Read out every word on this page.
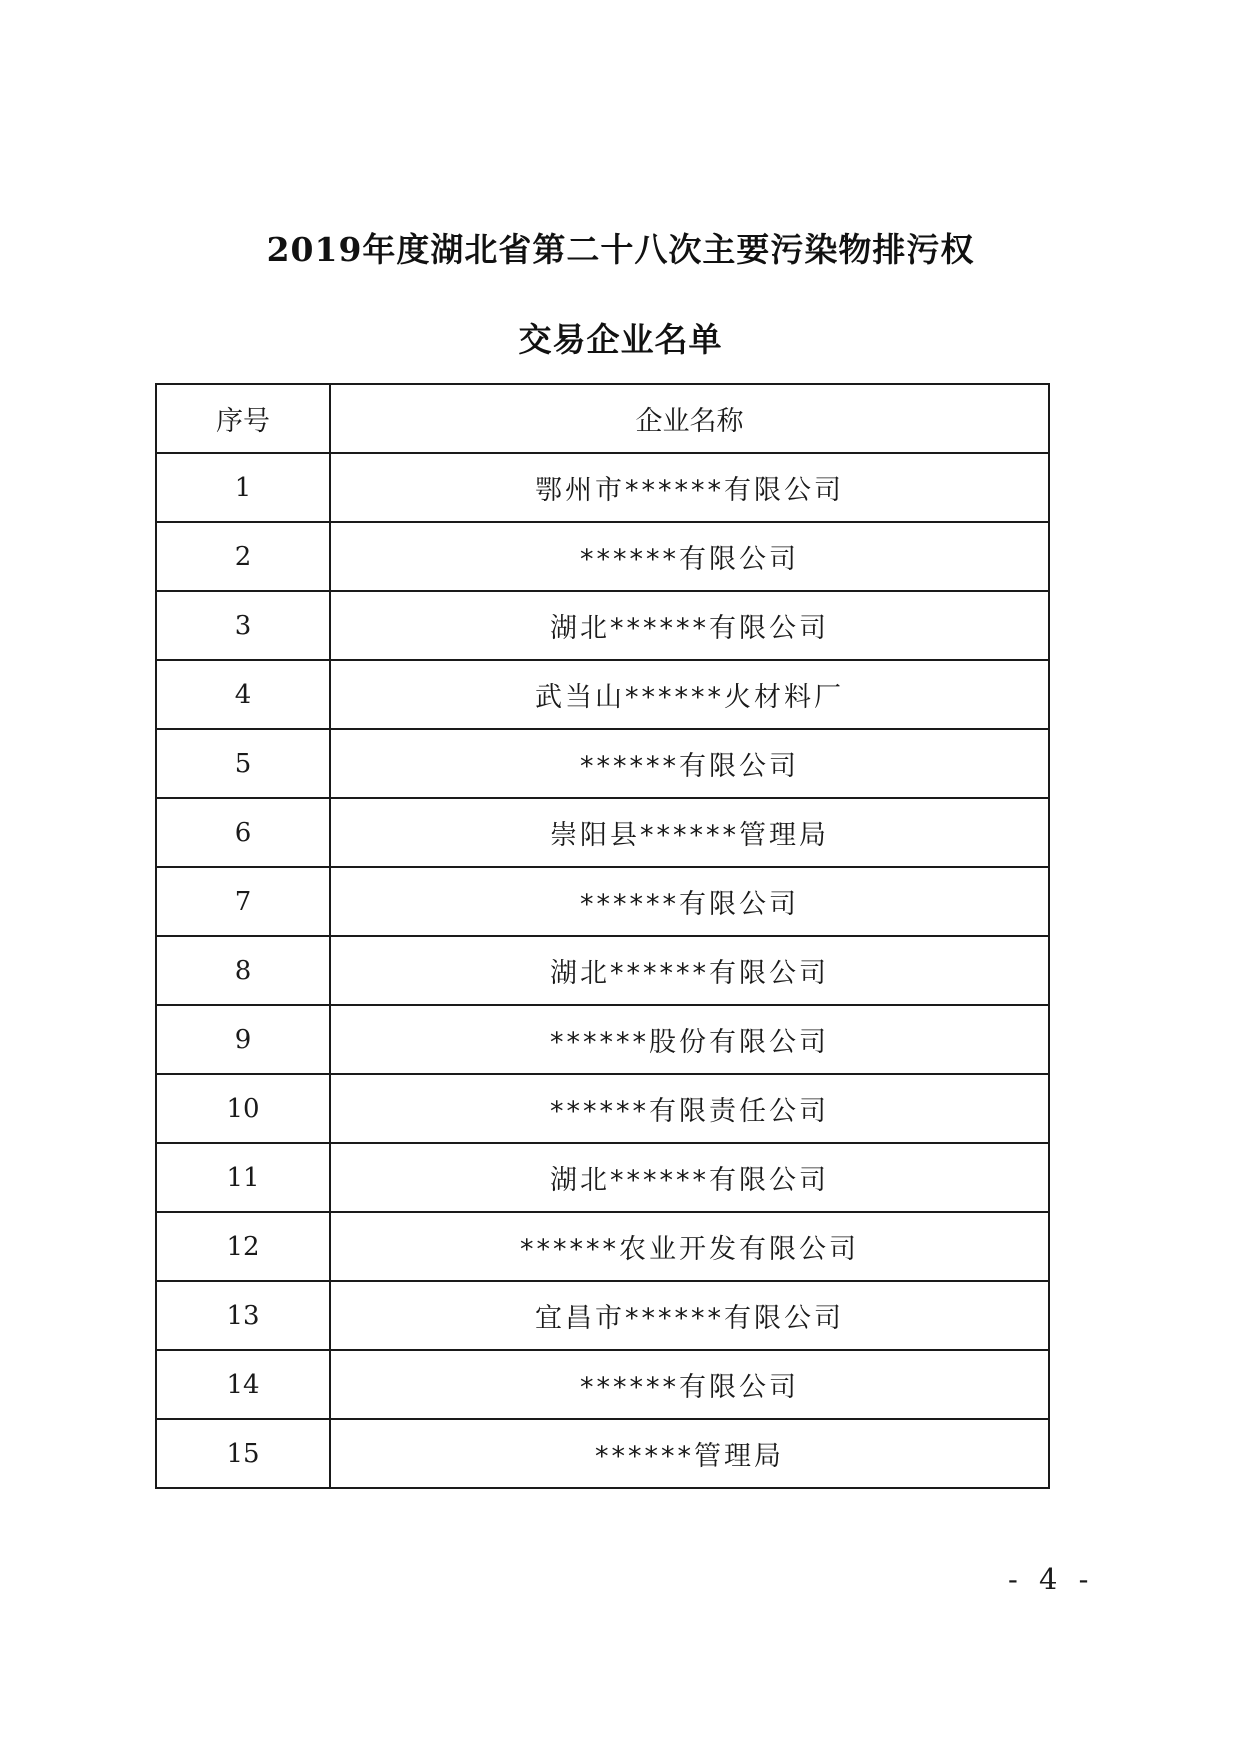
2019年度湖北省第二十八次主要污染物排污权
交易企业名单
序号	企业名称
1	鄂州市******有限公司
2	******有限公司
3	湖北******有限公司
4	武当山******火材料厂
5	******有限公司
6	崇阳县******管理局
7	******有限公司
8	湖北******有限公司
9	******股份有限公司
10	******有限责任公司
11	湖北******有限公司
12	******农业开发有限公司
13	宜昌市******有限公司
14	******有限公司
15	******管理局
- 4 -
